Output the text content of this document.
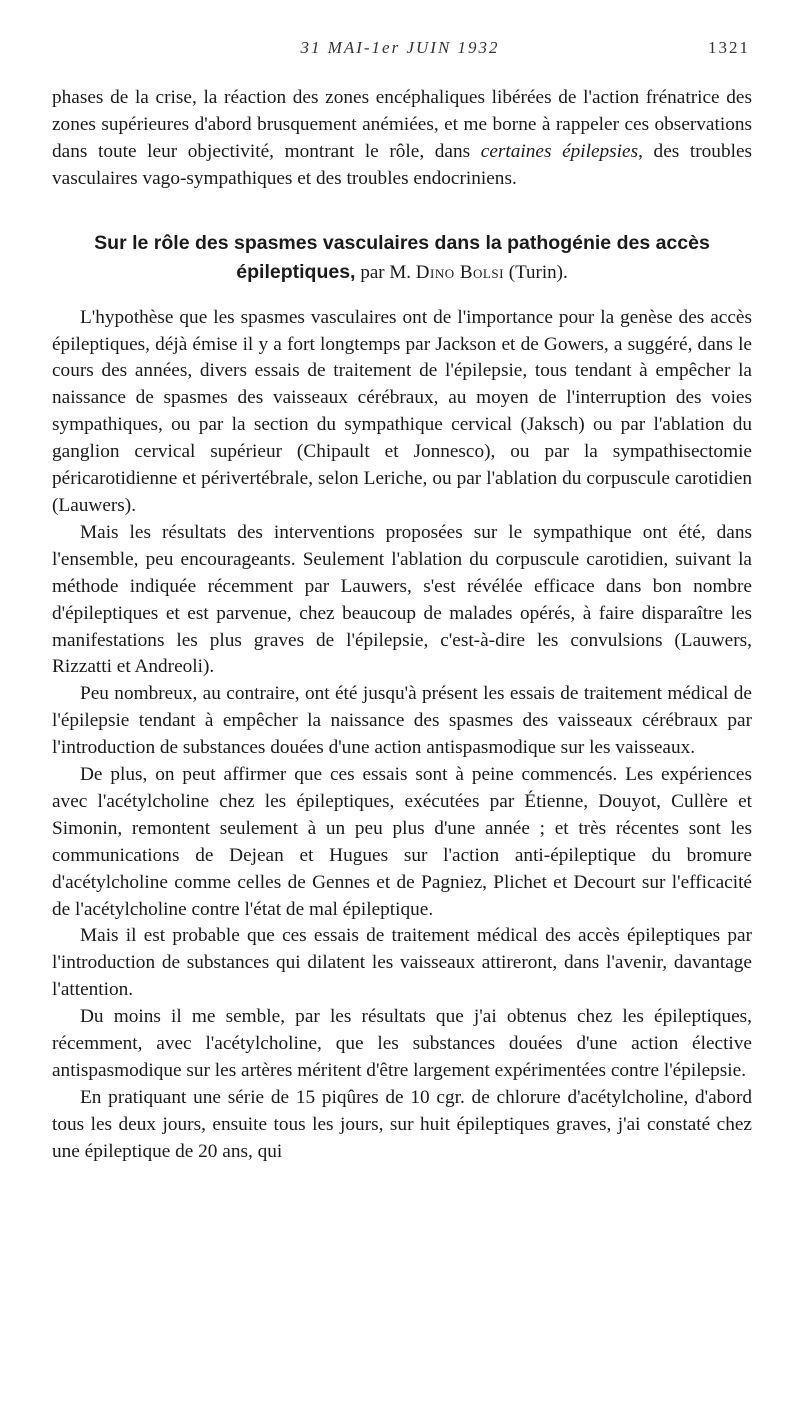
31 MAI-1er JUIN 1932	1321

phases de la crise, la réaction des zones encéphaliques libérées de l'action frénatrice des zones supérieures d'abord brusquement anémiées, et me borne à rappeler ces observations dans toute leur objectivité, montrant le rôle, dans certaines épilepsies, des troubles vasculaires vago-sympathiques et des troubles endocriniens.

Sur le rôle des spasmes vasculaires dans la pathogénie des accès épileptiques, par M. Dino Bolsi (Turin).

L'hypothèse que les spasmes vasculaires ont de l'importance pour la genèse des accès épileptiques, déjà émise il y a fort longtemps par Jackson et de Gowers, a suggéré, dans le cours des années, divers essais de traitement de l'épilepsie, tous tendant à empêcher la naissance de spasmes des vaisseaux cérébraux, au moyen de l'interruption des voies sympathiques, ou par la section du sympathique cervical (Jaksch) ou par l'ablation du ganglion cervical supérieur (Chipault et Jonnesco), ou par la sympathisectomie péricarotidienne et périvertébrale, selon Leriche, ou par l'ablation du corpuscule carotidien (Lauwers).

Mais les résultats des interventions proposées sur le sympathique ont été, dans l'ensemble, peu encourageants. Seulement l'ablation du corpuscule carotidien, suivant la méthode indiquée récemment par Lauwers, s'est révélée efficace dans bon nombre d'épileptiques et est parvenue, chez beaucoup de malades opérés, à faire disparaître les manifestations les plus graves de l'épilepsie, c'est-à-dire les convulsions (Lauwers, Rizzatti et Andreoli).

Peu nombreux, au contraire, ont été jusqu'à présent les essais de traitement médical de l'épilepsie tendant à empêcher la naissance des spasmes des vaisseaux cérébraux par l'introduction de substances douées d'une action antispasmodique sur les vaisseaux.

De plus, on peut affirmer que ces essais sont à peine commencés. Les expériences avec l'acétylcholine chez les épileptiques, exécutées par Étienne, Douyot, Cullère et Simonin, remontent seulement à un peu plus d'une année ; et très récentes sont les communications de Dejean et Hugues sur l'action anti-épileptique du bromure d'acétylcholine comme celles de Gennes et de Pagniez, Plichet et Decourt sur l'efficacité de l'acétylcholine contre l'état de mal épileptique.

Mais il est probable que ces essais de traitement médical des accès épileptiques par l'introduction de substances qui dilatent les vaisseaux attireront, dans l'avenir, davantage l'attention.

Du moins il me semble, par les résultats que j'ai obtenus chez les épileptiques, récemment, avec l'acétylcholine, que les substances douées d'une action élective antispasmodique sur les artères méritent d'être largement expérimentées contre l'épilepsie.

En pratiquant une série de 15 piqûres de 10 cgr. de chlorure d'acétylcholine, d'abord tous les deux jours, ensuite tous les jours, sur huit épileptiques graves, j'ai constaté chez une épileptique de 20 ans, qui
